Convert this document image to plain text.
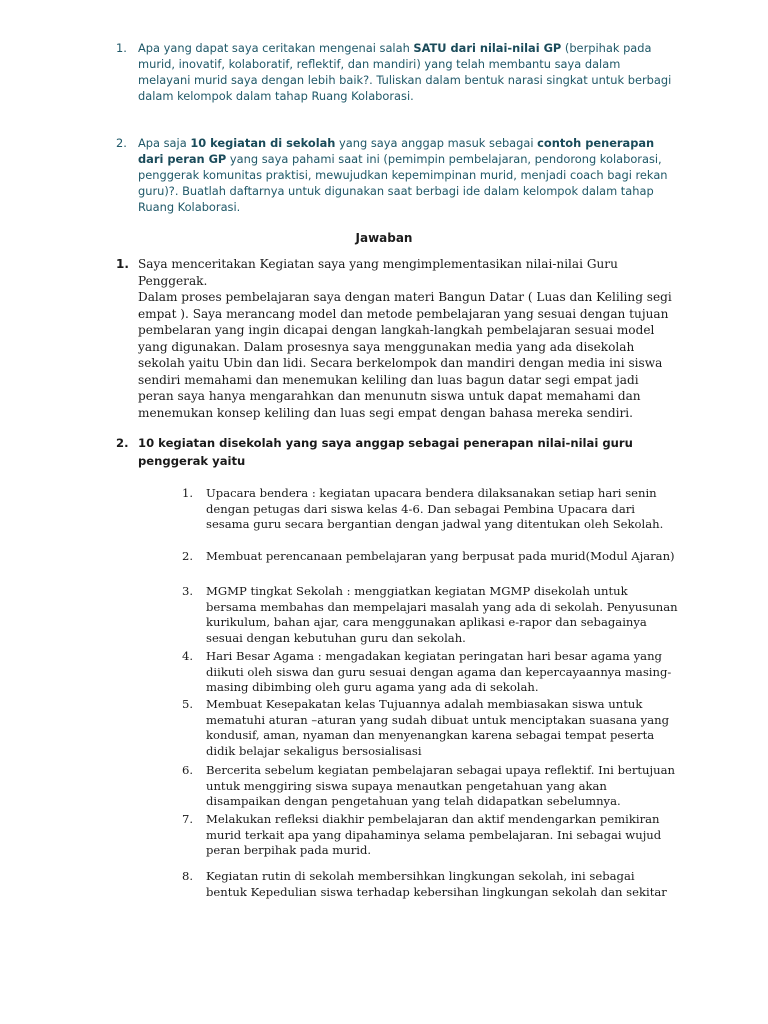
1. Apa yang dapat saya ceritakan mengenai salah SATU dari nilai-nilai GP (berpihak pada murid, inovatif, kolaboratif, reflektif, dan mandiri) yang telah membantu saya dalam melayani murid saya dengan lebih baik?. Tuliskan dalam bentuk narasi singkat untuk berbagi dalam kelompok dalam tahap Ruang Kolaborasi.
2. Apa saja 10 kegiatan di sekolah yang saya anggap masuk sebagai contoh penerapan dari peran GP yang saya pahami saat ini (pemimpin pembelajaran, pendorong kolaborasi, penggerak komunitas praktisi, mewujudkan kepemimpinan murid, menjadi coach bagi rekan guru)?. Buatlah daftarnya untuk digunakan saat berbagi ide dalam kelompok dalam tahap Ruang Kolaborasi.
Jawaban
1. Saya menceritakan Kegiatan saya yang mengimplementasikan nilai-nilai Guru Penggerak.

Dalam proses pembelajaran saya dengan materi Bangun Datar ( Luas dan Keliling segi empat ). Saya merancang model dan metode pembelajaran yang sesuai dengan tujuan pembelaran yang ingin dicapai dengan langkah-langkah pembelajaran sesuai model yang digunakan. Dalam prosesnya saya menggunakan media yang ada disekolah sekolah yaitu Ubin dan lidi. Secara berkelompok dan mandiri dengan media ini siswa sendiri memahami dan menemukan keliling dan luas bagun datar segi empat jadi peran saya hanya mengarahkan dan menunutn siswa untuk dapat memahami dan menemukan konsep keliling dan luas segi empat dengan bahasa mereka sendiri.

2. 10 kegiatan disekolah yang saya anggap sebagai penerapan nilai-nilai guru penggerak yaitu
1. Upacara bendera : kegiatan upacara bendera dilaksanakan setiap hari senin dengan petugas dari siswa kelas 4-6. Dan sebagai Pembina Upacara dari sesama guru secara bergantian dengan jadwal yang ditentukan oleh Sekolah.
2. Membuat perencanaan pembelajaran yang berpusat pada murid(Modul Ajaran)
3. MGMP tingkat Sekolah : menggiatkan kegiatan MGMP disekolah untuk bersama membahas dan mempelajari masalah yang ada di sekolah. Penyusunan kurikulum, bahan ajar, cara menggunakan aplikasi e-rapor dan sebagainya sesuai dengan kebutuhan guru dan sekolah.
4. Hari Besar Agama : mengadakan kegiatan peringatan hari besar agama yang diikuti oleh siswa dan guru sesuai dengan agama dan kepercayaannya masing-masing dibimbing oleh guru agama yang ada di sekolah.
5. Membuat Kesepakatan kelas Tujuannya adalah membiasakan siswa untuk mematuhi aturan –aturan yang sudah dibuat untuk menciptakan suasana yang kondusif, aman, nyaman dan menyenangkan karena sebagai tempat peserta didik belajar sekaligus bersosialisasi
6. Bercerita sebelum kegiatan pembelajaran sebagai upaya reflektif. Ini bertujuan untuk menggiring siswa supaya menautkan pengetahuan yang akan disampaikan dengan pengetahuan yang telah didapatkan sebelumnya.
7. Melakukan refleksi diakhir pembelajaran dan aktif mendengarkan pemikiran murid terkait apa yang dipahaminya selama pembelajaran. Ini sebagai wujud peran berpihak pada murid.
8. Kegiatan rutin di sekolah membersihkan lingkungan sekolah, ini sebagai bentuk Kepedulian siswa terhadap kebersihan lingkungan sekolah dan sekitar
